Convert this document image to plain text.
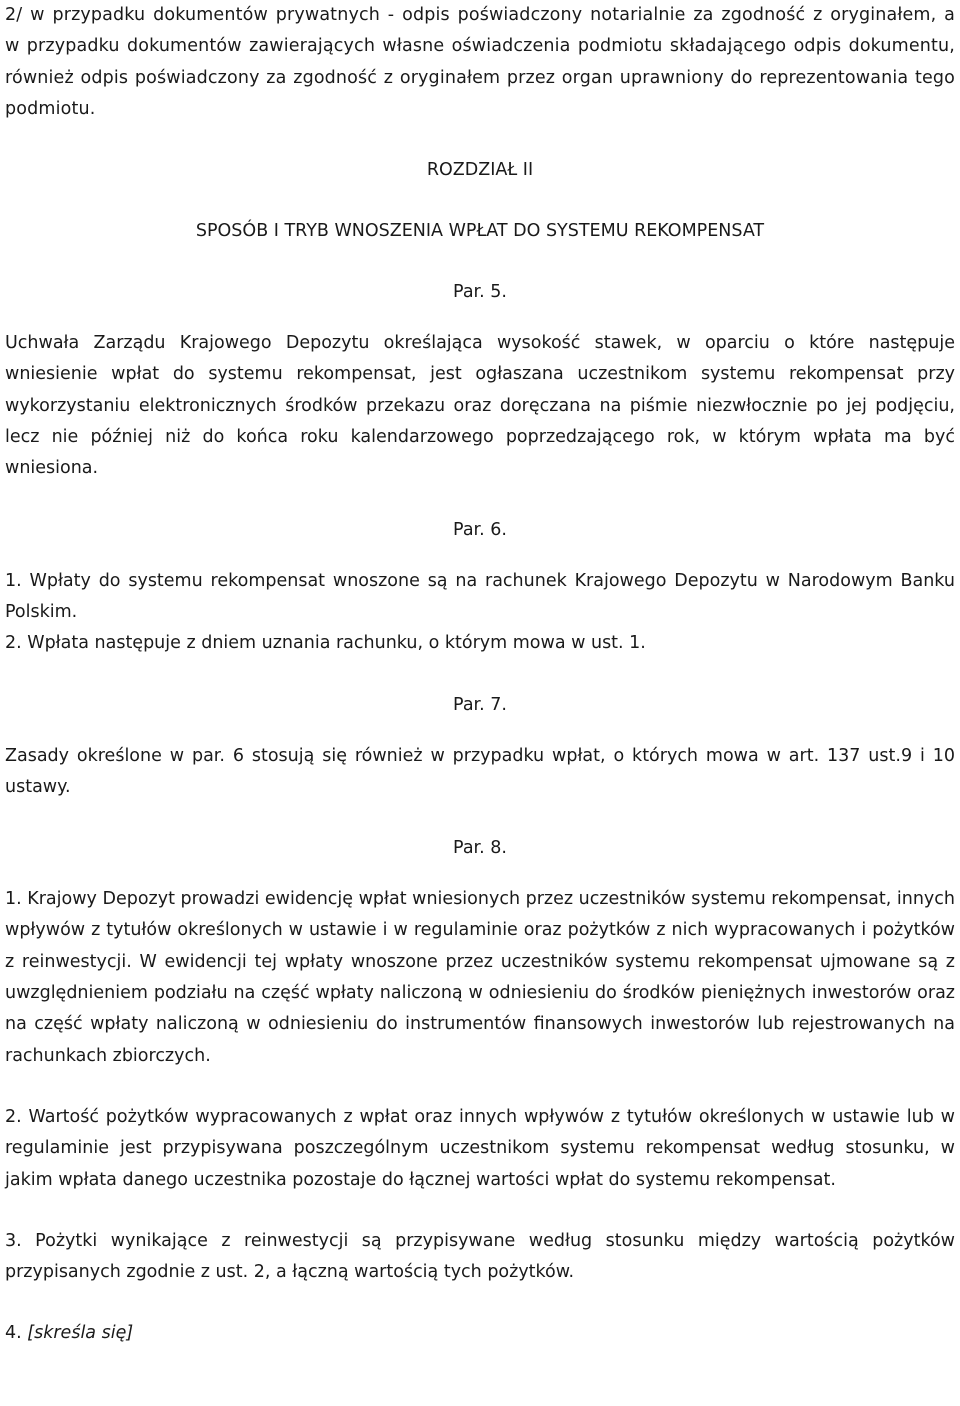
2/ w przypadku dokumentów prywatnych - odpis poświadczony notarialnie za zgodność z oryginałem, a w przypadku dokumentów zawierających własne oświadczenia podmiotu składającego odpis dokumentu, również odpis poświadczony za zgodność z oryginałem przez organ uprawniony do reprezentowania tego podmiotu.

ROZDZIAŁ II

SPOSÓB I TRYB WNOSZENIA WPŁAT DO SYSTEMU REKOMPENSAT

Par. 5.

Uchwała Zarządu Krajowego Depozytu określająca wysokość stawek, w oparciu o które następuje wniesienie wpłat do systemu rekompensat, jest ogłaszana uczestnikom systemu rekompensat przy wykorzystaniu elektronicznych środków przekazu oraz doręczana na piśmie niezwłocznie po jej podjęciu, lecz nie później niż do końca roku kalendarzowego poprzedzającego rok, w którym wpłata ma być wniesiona.

Par. 6.

1. Wpłaty do systemu rekompensat wnoszone są na rachunek Krajowego Depozytu w Narodowym Banku Polskim.

2. Wpłata następuje z dniem uznania rachunku, o którym mowa w ust. 1.

Par. 7.

Zasady określone w par. 6 stosują się również w przypadku wpłat, o których mowa w art. 137 ust.9 i 10 ustawy.

Par. 8.

1. Krajowy Depozyt prowadzi ewidencję wpłat wniesionych przez uczestników systemu rekompensat, innych wpływów z tytułów określonych w ustawie i w regulaminie oraz pożytków z nich wypracowanych i pożytków z reinwestycji. W ewidencji tej wpłaty wnoszone przez uczestników systemu rekompensat ujmowane są z uwzględnieniem podziału na część wpłaty naliczoną w odniesieniu do środków pieniężnych inwestorów oraz na część wpłaty naliczoną w odniesieniu do instrumentów finansowych inwestorów lub rejestrowanych na rachunkach zbiorczych.

2. Wartość pożytków wypracowanych z wpłat oraz innych wpływów z tytułów określonych w ustawie lub w regulaminie jest przypisywana poszczególnym uczestnikom systemu rekompensat według stosunku, w jakim wpłata danego uczestnika pozostaje do łącznej wartości wpłat do systemu rekompensat.

3. Pożytki wynikające z reinwestycji są przypisywane według stosunku między wartością pożytków przypisanych zgodnie z ust. 2, a łączną wartością tych pożytków.

4. [skreśla się]
